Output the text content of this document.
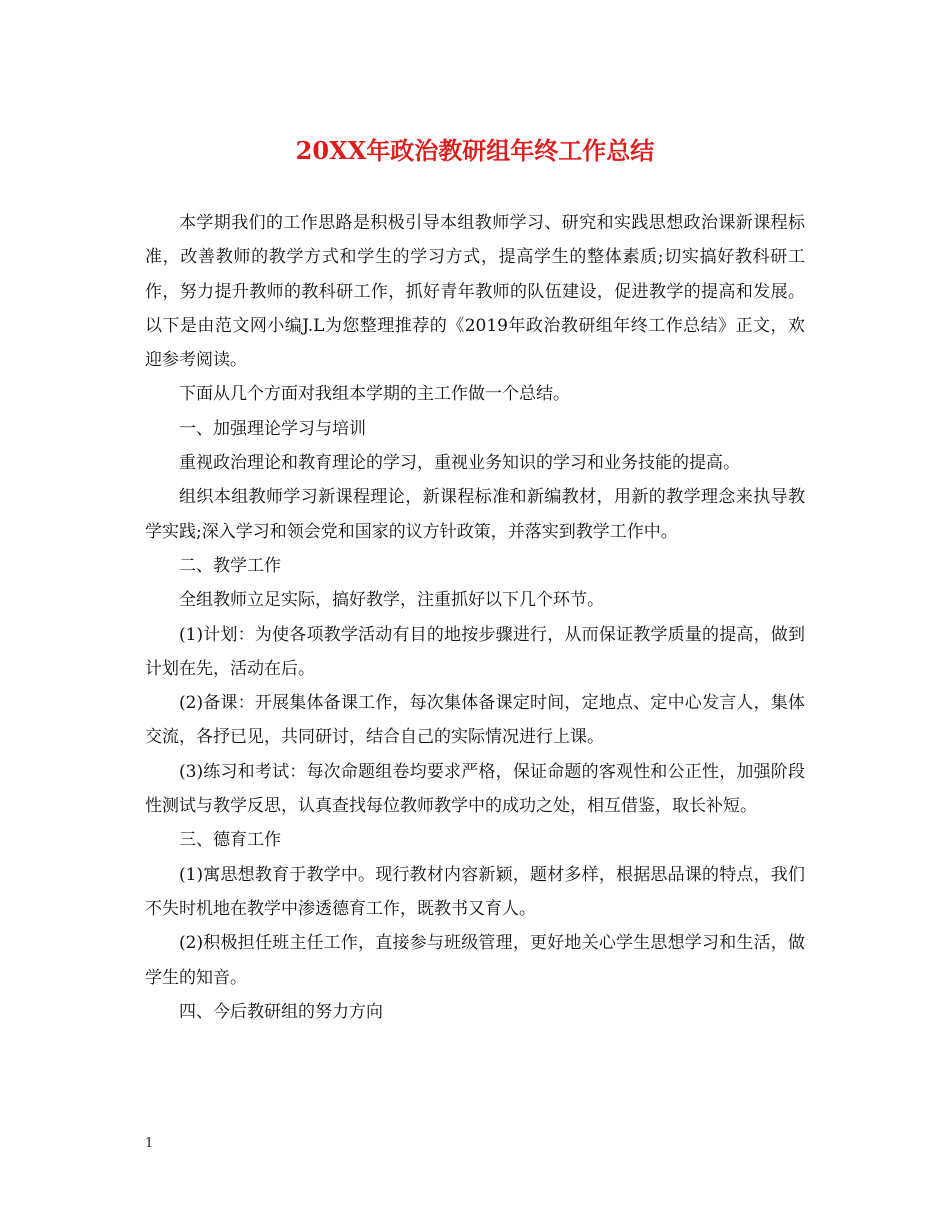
20XX年政治教研组年终工作总结

本学期我们的工作思路是积极引导本组教师学习、研究和实践思想政治课新课程标准，改善教师的教学方式和学生的学习方式，提高学生的整体素质;切实搞好教科研工作，努力提升教师的教科研工作，抓好青年教师的队伍建设，促进教学的提高和发展。以下是由范文网小编J.L为您整理推荐的《2019年政治教研组年终工作总结》正文，欢迎参考阅读。

下面从几个方面对我组本学期的主工作做一个总结。

一、加强理论学习与培训

重视政治理论和教育理论的学习，重视业务知识的学习和业务技能的提高。

组织本组教师学习新课程理论，新课程标准和新编教材，用新的教学理念来执导教学实践;深入学习和领会党和国家的议方针政策，并落实到教学工作中。

二、教学工作

全组教师立足实际，搞好教学，注重抓好以下几个环节。

(1)计划：为使各项教学活动有目的地按步骤进行，从而保证教学质量的提高，做到计划在先，活动在后。

(2)备课：开展集体备课工作，每次集体备课定时间，定地点、定中心发言人，集体交流，各抒已见，共同研讨，结合自己的实际情况进行上课。

(3)练习和考试：每次命题组卷均要求严格，保证命题的客观性和公正性，加强阶段性测试与教学反思，认真查找每位教师教学中的成功之处，相互借鉴，取长补短。

三、德育工作

(1)寓思想教育于教学中。现行教材内容新颖，题材多样，根据思品课的特点，我们不失时机地在教学中渗透德育工作，既教书又育人。

(2)积极担任班主任工作，直接参与班级管理，更好地关心学生思想学习和生活，做学生的知音。

四、今后教研组的努力方向

1
